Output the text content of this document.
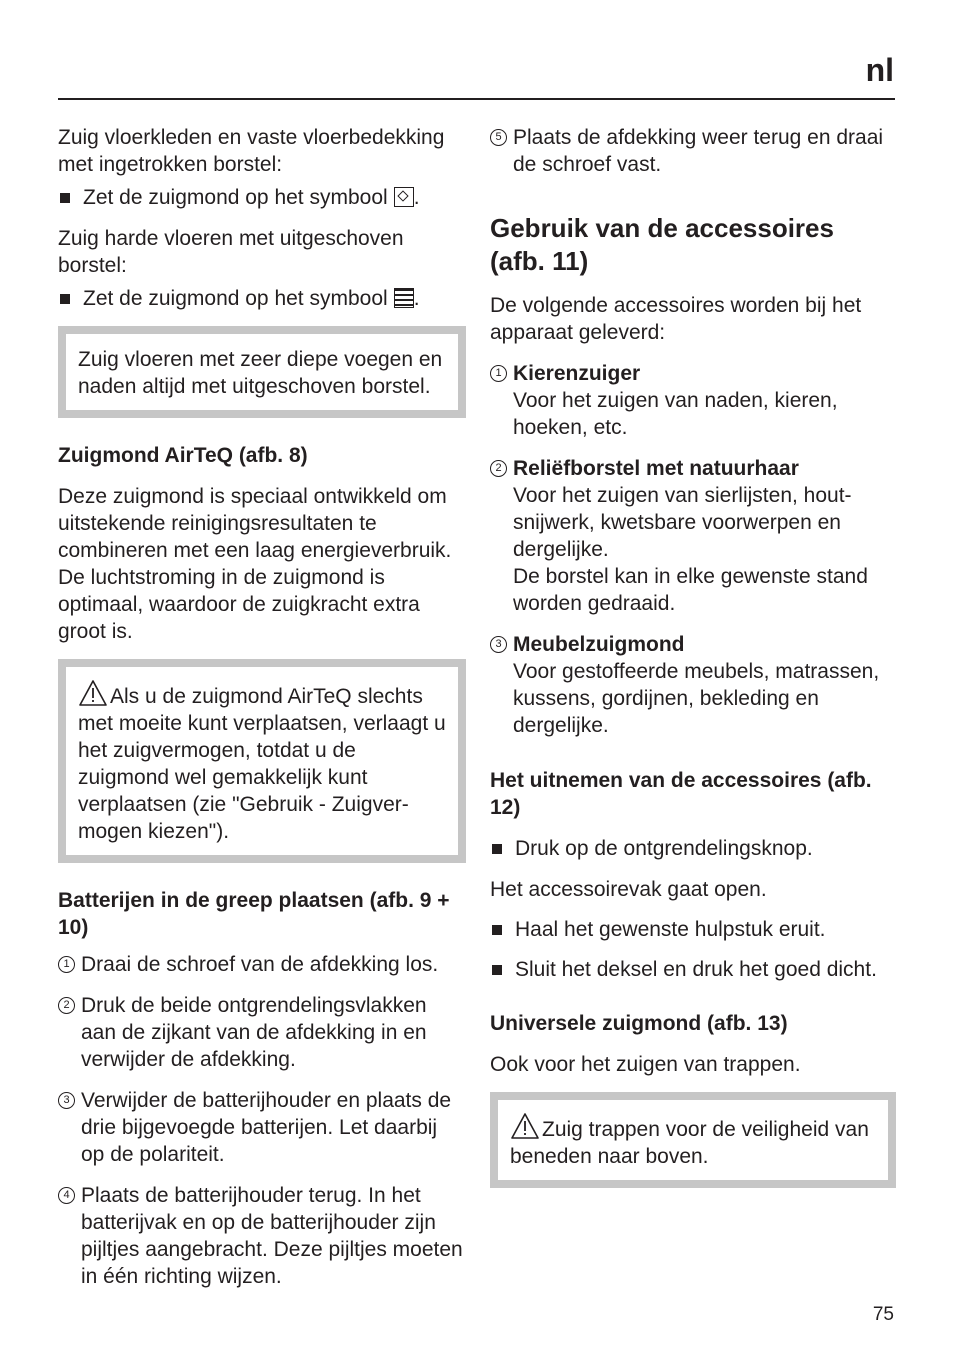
nl

Zuig vloerkleden en vaste vloerbedekking met ingetrokken borstel:

Zet de zuigmond op het symbool .

Zuig harde vloeren met uitgeschoven borstel:

Zet de zuigmond op het symbool .

Zuig vloeren met zeer diepe voegen en naden altijd met uitgeschoven borstel.

Zuigmond AirTeQ (afb. 8)

Deze zuigmond is speciaal ontwikkeld om uitstekende reinigingsresultaten te combineren met een laag energieverbruik. De luchtstroming in de zuigmond is optimaal, waardoor de zuigkracht extra groot is.

Als u de zuigmond AirTeQ slechts met moeite kunt verplaatsen, verlaagt u het zuigvermogen, totdat u de zuigmond wel gemakkelijk kunt verplaatsen (zie "Gebruik - Zuigvermogen kiezen").

Batterijen in de greep plaatsen (afb. 9 + 10)

1 Draai de schroef van de afdekking los.
2 Druk de beide ontgrendelingsvlakken aan de zijkant van de afdekking in en verwijder de afdekking.
3 Verwijder de batterijhouder en plaats de drie bijgevoegde batterijen. Let daarbij op de polariteit.
4 Plaats de batterijhouder terug. In het batterijvak en op de batterijhouder zijn pijltjes aangebracht. Deze pijltjes moeten in één richting wijzen.
5 Plaats de afdekking weer terug en draai de schroef vast.

Gebruik van de accessoires (afb. 11)

De volgende accessoires worden bij het apparaat geleverd:

1 Kierenzuiger
Voor het zuigen van naden, kieren, hoeken, etc.
2 Reliëfborstel met natuurhaar
Voor het zuigen van sierlijsten, houtsnijwerk, kwetsbare voorwerpen en dergelijke.
De borstel kan in elke gewenste stand worden gedraaid.
3 Meubelzuigmond
Voor gestoffeerde meubels, matrassen, kussens, gordijnen, bekleding en dergelijke.

Het uitnemen van de accessoires (afb. 12)

Druk op de ontgrendelingsknop.

Het accessoirevak gaat open.

Haal het gewenste hulpstuk eruit.
Sluit het deksel en druk het goed dicht.

Universele zuigmond (afb. 13)

Ook voor het zuigen van trappen.

Zuig trappen voor de veiligheid van beneden naar boven.

75
